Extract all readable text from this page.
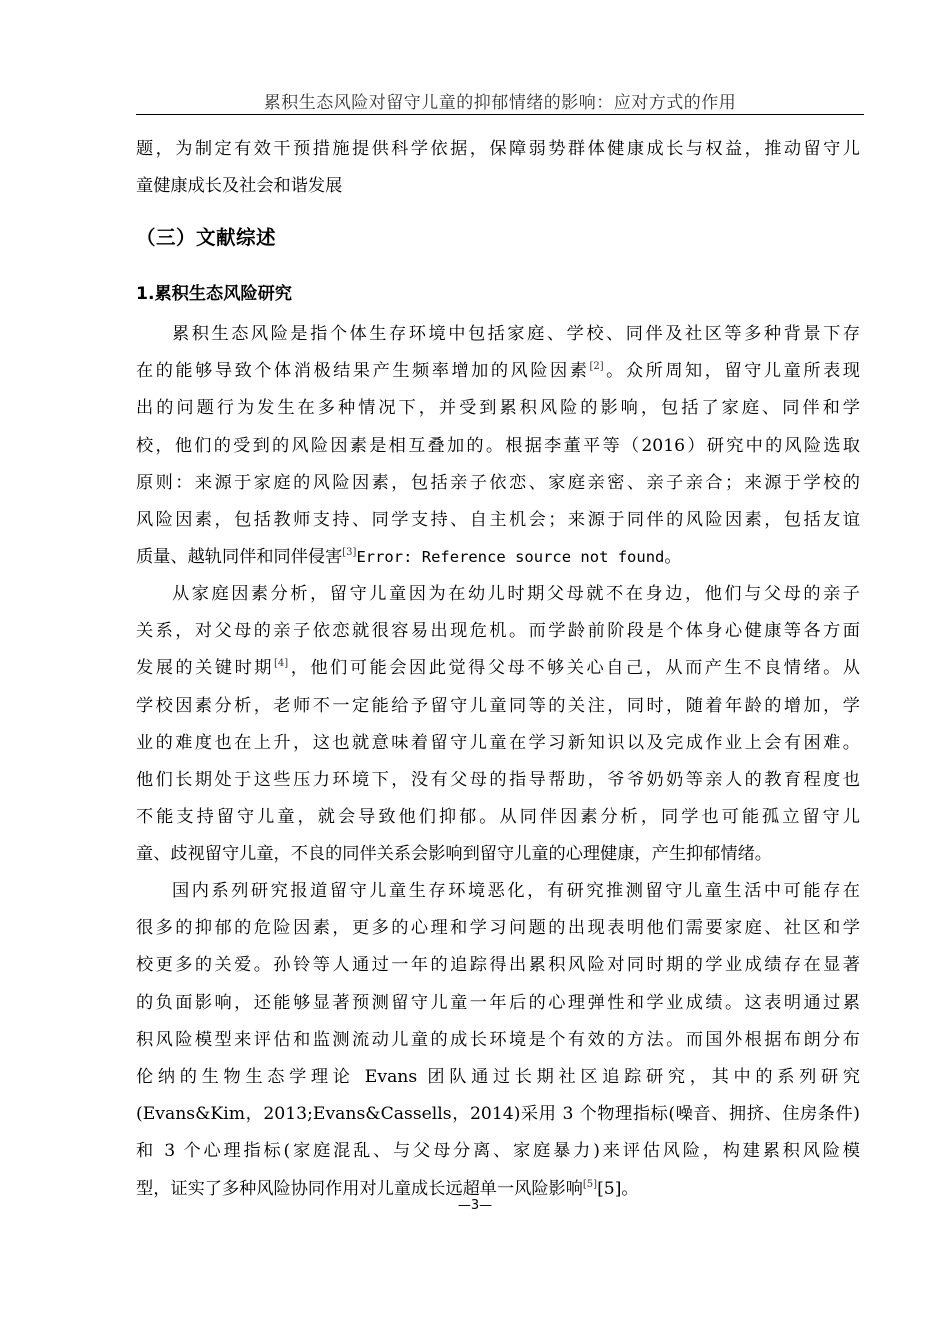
累积生态风险对留守儿童的抑郁情绪的影响：应对方式的作用
题，为制定有效干预措施提供科学依据，保障弱势群体健康成长与权益，推动留守儿
童健康成长及社会和谐发展
（三）文献综述
1.累积生态风险研究
累积生态风险是指个体生存环境中包括家庭、学校、同伴及社区等多种背景下存
在的能够导致个体消极结果产生频率增加的风险因素[2]。众所周知，留守儿童所表现
出的问题行为发生在多种情况下，并受到累积风险的影响，包括了家庭、同伴和学
校，他们的受到的风险因素是相互叠加的。根据李董平等（2016）研究中的风险选取
原则：来源于家庭的风险因素，包括亲子依恋、家庭亲密、亲子亲合；来源于学校的
风险因素，包括教师支持、同学支持、自主机会；来源于同伴的风险因素，包括友谊
质量、越轨同伴和同伴侵害[3]Error: Reference source not found。
从家庭因素分析，留守儿童因为在幼儿时期父母就不在身边，他们与父母的亲子
关系，对父母的亲子依恋就很容易出现危机。而学龄前阶段是个体身心健康等各方面
发展的关键时期[4]，他们可能会因此觉得父母不够关心自己，从而产生不良情绪。从
学校因素分析，老师不一定能给予留守儿童同等的关注，同时，随着年龄的增加，学
业的难度也在上升，这也就意味着留守儿童在学习新知识以及完成作业上会有困难。
他们长期处于这些压力环境下，没有父母的指导帮助，爷爷奶奶等亲人的教育程度也
不能支持留守儿童，就会导致他们抑郁。从同伴因素分析，同学也可能孤立留守儿
童、歧视留守儿童，不良的同伴关系会影响到留守儿童的心理健康，产生抑郁情绪。
国内系列研究报道留守儿童生存环境恶化，有研究推测留守儿童生活中可能存在
很多的抑郁的危险因素，更多的心理和学习问题的出现表明他们需要家庭、社区和学
校更多的关爱。孙铃等人通过一年的追踪得出累积风险对同时期的学业成绩存在显著
的负面影响，还能够显著预测留守儿童一年后的心理弹性和学业成绩。这表明通过累
积风险模型来评估和监测流动儿童的成长环境是个有效的方法。而国外根据布朗分布
伦纳的生物生态学理论 Evans 团队通过长期社区追踪研究，其中的系列研究
(Evans&Kim，2013;Evans&Cassells，2014)采用 3 个物理指标(噪音、拥挤、住房条件)
和 3 个心理指标(家庭混乱、与父母分离、家庭暴力)来评估风险，构建累积风险模
型，证实了多种风险协同作用对儿童成长远超单一风险影响[5][5]。
—3—
